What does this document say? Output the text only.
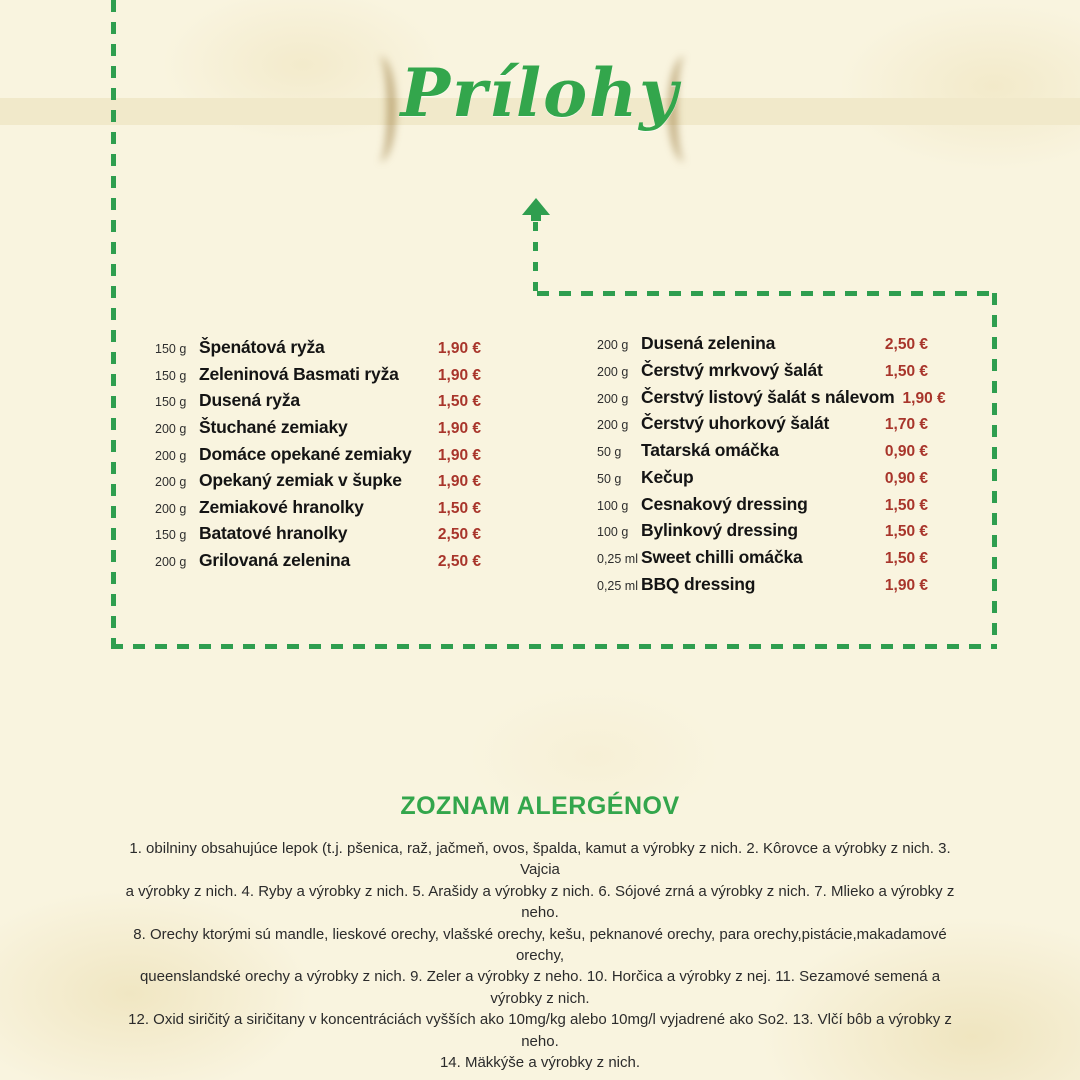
Prílohy
150 g Špenátová ryža	1,90 €
150 g Zeleninová Basmati ryža	1,90 €
150 g Dusená ryža	1,50 €
200 g Štuchané zemiaky	1,90 €
200 g Domáce opekané zemiaky	1,90 €
200 g Opekaný zemiak v šupke	1,90 €
200 g Zemiakové hranolky	1,50 €
150 g Batatové hranolky	2,50 €
200 g Grilovaná zelenina	2,50 €
200 g Dusená zelenina	2,50 €
200 g Čerstvý mrkvový šalát	1,50 €
200 g Čerstvý listový šalát s nálevom 1,90 €
200 g Čerstvý uhorkový šalát	1,70 €
50 g	Tatarská omáčka	0,90 €
50 g	Kečup	0,90 €
100 g Cesnakový dressing	1,50 €
100 g Bylinkový dressing	1,50 €
0,25 ml Sweet chilli omáčka	1,50 €
0,25 ml BBQ dressing	1,90 €
ZOZNAM ALERGÉNOV
1. obilniny obsahujúce lepok (t.j. pšenica, raž, jačmeň, ovos, špalda, kamut a výrobky z nich. 2. Kôrovce a výrobky z nich. 3. Vajcia
a výrobky z nich. 4. Ryby a výrobky z nich. 5. Arašidy a výrobky z nich. 6. Sójové zrná a výrobky z nich. 7. Mlieko a výrobky z neho.
8. Orechy ktorými sú mandle, lieskové orechy, vlašské orechy, kešu, peknanové orechy, para orechy,pistácie,makadamové orechy,
queenslandské orechy a výrobky z nich. 9. Zeler a výrobky z neho. 10. Horčica a výrobky z nej. 11. Sezamové semená a výrobky z nich.
12. Oxid siričitý a siričitany v koncentráciách vyšších ako 10mg/kg alebo 10mg/l vyjadrené ako So2. 13. Vlčí bôb a výrobky z neho.
14. Mäkkýše a výrobky z nich.
